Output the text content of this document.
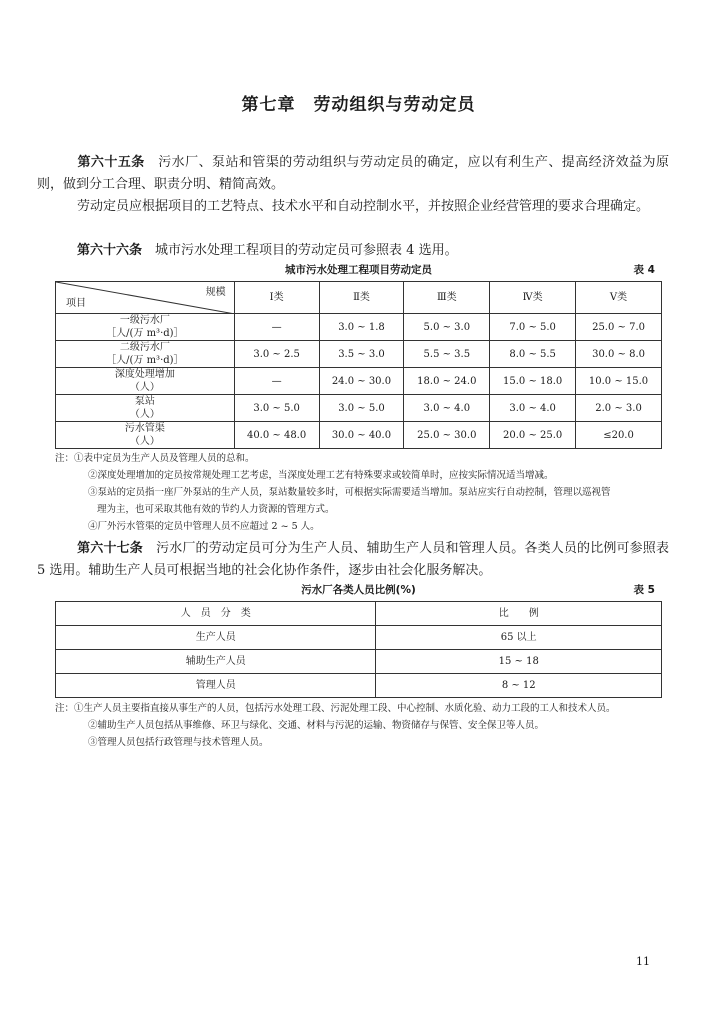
第七章　劳动组织与劳动定员
第六十五条　 污水厂、泵站和管渠的劳动组织与劳动定员的确定，应以有利生产、提高经济效益为原则，做到分工合理、职责分明、精简高效。
劳动定员应根据项目的工艺特点、技术水平和自动控制水平，并按照企业经营管理的要求合理确定。
第六十六条　 城市污水处理工程项目的劳动定员可参照表 4 选用。
城市污水处理工程项目劳动定员	表 4
规模
项目	Ⅰ类	Ⅱ类	Ⅲ类	Ⅳ类	Ⅴ类
一级污水厂
［人/(万 m³·d)］	—	3.0 ~ 1.8	5.0 ~ 3.0	7.0 ~ 5.0	25.0 ~ 7.0
二级污水厂
［人/(万 m³·d)］	3.0 ~ 2.5	3.5 ~ 3.0	5.5 ~ 3.5	8.0 ~ 5.5	30.0 ~ 8.0
深度处理增加
（人）	—	24.0 ~ 30.0	18.0 ~ 24.0	15.0 ~ 18.0	10.0 ~ 15.0
泵站
（人）	3.0 ~ 5.0	3.0 ~ 5.0	3.0 ~ 4.0	3.0 ~ 4.0	2.0 ~ 3.0
污水管渠
（人）	40.0 ~ 48.0	30.0 ~ 40.0	25.0 ~ 30.0	20.0 ~ 25.0	≤20.0
注：①表中定员为生产人员及管理人员的总和。
②深度处理增加的定员按常规处理工艺考虑，当深度处理工艺有特殊要求或较简单时，应按实际情况适当增减。
③泵站的定员指一座厂外泵站的生产人员，泵站数量较多时，可根据实际需要适当增加。泵站应实行自动控制，管理以巡视管
理为主，也可采取其他有效的节约人力资源的管理方式。
④厂外污水管渠的定员中管理人员不应超过 2 ~ 5 人。
第六十七条　 污水厂的劳动定员可分为生产人员、辅助生产人员和管理人员。各类人员的比例可参照表 5 选用。辅助生产人员可根据当地的社会化协作条件，逐步由社会化服务解决。
污水厂各类人员比例(%)	表 5
人　员　分　类	比　　例
生产人员	65 以上
辅助生产人员	15 ~ 18
管理人员	8 ~ 12
注：①生产人员主要指直接从事生产的人员，包括污水处理工段、污泥处理工段、中心控制、水质化验、动力工段的工人和技术人员。
②辅助生产人员包括从事维修、环卫与绿化、交通、材料与污泥的运输、物资储存与保管、安全保卫等人员。
③管理人员包括行政管理与技术管理人员。
11
